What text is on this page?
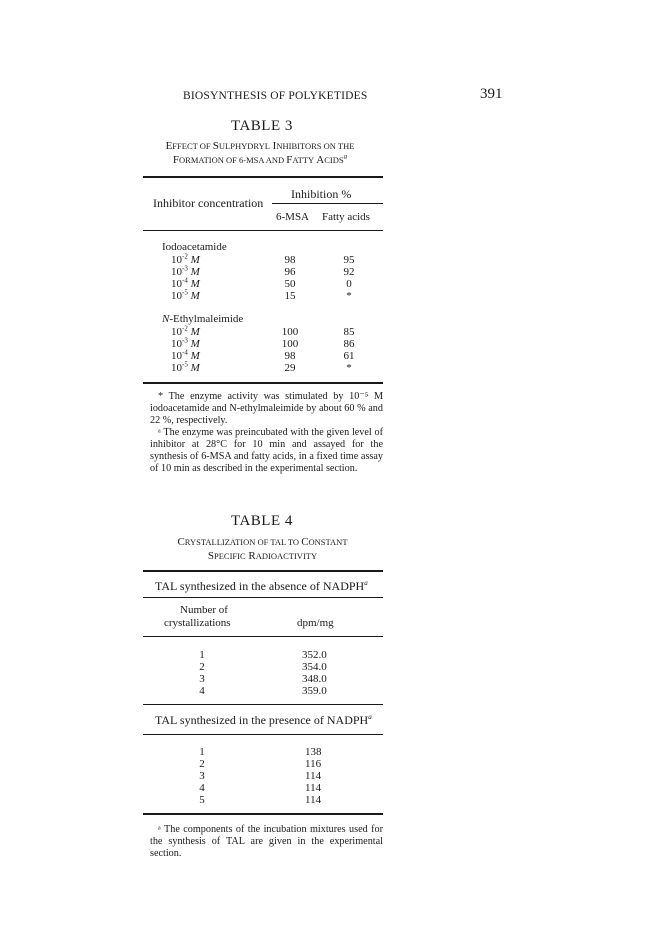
BIOSYNTHESIS OF POLYKETIDES	391
TABLE 3
EFFECT OF SULPHYDRYL INHIBITORS ON THE
FORMATION OF 6-MSA AND FATTY ACIDS$^a$
Inhibition %
Inhibitor concentration
6-MSA Fatty acids
Iodoacetamide
$10^{-2}$ M	98	95
$10^{-3}$ M	96	92
$10^{-4}$ M	50	0
$10^{-5}$ M	15	*
N-Ethylmaleimide
$10^{-2}$ M	100	85
$10^{-3}$ M	100	86
$10^{-4}$ M	98	61
$10^{-5}$ M	29	*
* The enzyme activity was stimulated by 10⁻⁵ M iodoacetamide and N-ethylmaleimide by about 60 % and 22 %, respectively.
ᵃ The enzyme was preincubated with the given level of inhibitor at 28°C for 10 min and assayed for the synthesis of 6-MSA and fatty acids, in a fixed time assay of 10 min as described in the experimental section.
TABLE 4
CRYSTALLIZATION OF TAL TO CONSTANT
SPECIFIC RADIOACTIVITY
TAL synthesized in the absence of NADPH$^a$
Number of
crystallizations	dpm/mg
1	352.0
2	354.0
3	348.0
4	359.0
TAL synthesized in the presence of NADPH$^a$
1	138
2	116
3	114
4	114
5	114
ᵃ The components of the incubation mixtures used for the synthesis of TAL are given in the experimental section.
